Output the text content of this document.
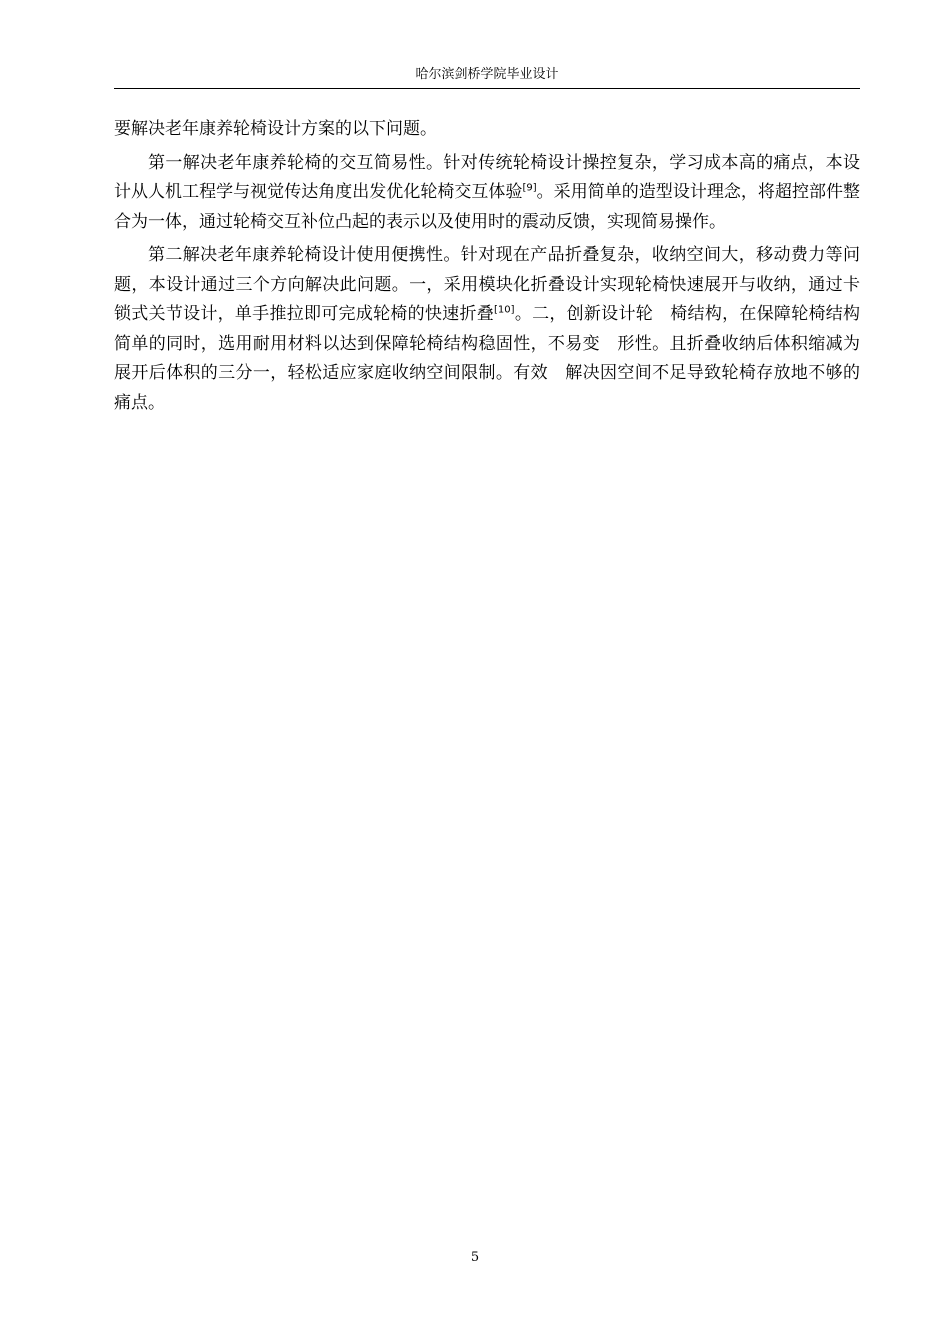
哈尔滨剑桥学院毕业设计

要解决老年康养轮椅设计方案的以下问题。

第一解决老年康养轮椅的交互简易性。针对传统轮椅设计操控复杂，学习成本高的痛点，本设计从人机工程学与视觉传达角度出发优化轮椅交互体验[9]。采用简单的造型设计理念，将超控部件整合为一体，通过轮椅交互补位凸起的表示以及使用时的震动反馈，实现简易操作。

第二解决老年康养轮椅设计使用便携性。针对现在产品折叠复杂，收纳空间大，移动费力等问题，本设计通过三个方向解决此问题。一，采用模块化折叠设计实现轮椅快速展开与收纳，通过卡锁式关节设计，单手推拉即可完成轮椅的快速折叠[10]。二，创新设计轮　椅结构，在保障轮椅结构简单的同时，选用耐用材料以达到保障轮椅结构稳固性，不易变　形性。且折叠收纳后体积缩减为展开后体积的三分一，轻松适应家庭收纳空间限制。有效　解决因空间不足导致轮椅存放地不够的痛点。

5
